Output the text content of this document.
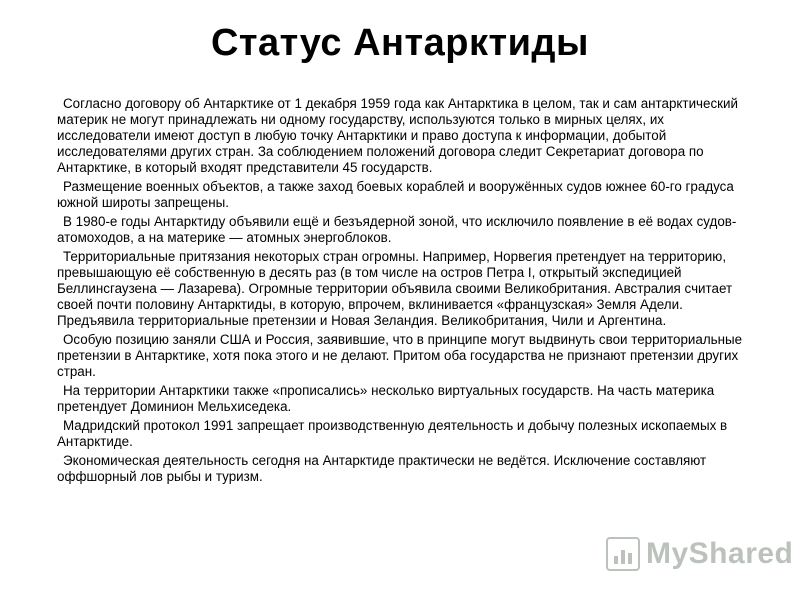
Статус Антарктиды

Согласно договору об Антарктике от 1 декабря 1959 года как Антарктика в целом, так и сам антарктический материк не могут принадлежать ни одному государству, используются только в мирных целях, их исследователи имеют доступ в любую точку Антарктики и право доступа к информации, добытой исследователями других стран. За соблюдением положений договора следит Секретариат договора по Антарктике, в который входят представители 45 государств.

Размещение военных объектов, а также заход боевых кораблей и вооружённых судов южнее 60-го градуса южной широты запрещены.

В 1980-е годы Антарктиду объявили ещё и безъядерной зоной, что исключило появление в её водах судов-атомоходов, а на материке — атомных энергоблоков.

Территориальные притязания некоторых стран огромны. Например, Норвегия претендует на территорию, превышающую её собственную в десять раз (в том числе на остров Петра I, открытый экспедицией Беллинсгаузена — Лазарева). Огромные территории объявила своими Великобритания. Австралия считает своей почти половину Антарктиды, в которую, впрочем, вклинивается «французская» Земля Адели. Предъявила территориальные претензии и Новая Зеландия. Великобритания, Чили и Аргентина.

Особую позицию заняли США и Россия, заявившие, что в принципе могут выдвинуть свои территориальные претензии в Антарктике, хотя пока этого и не делают. Притом оба государства не признают претензии других стран.

На территории Антарктики также «прописались» несколько виртуальных государств. На часть материка претендует Доминион Мельхиседека.

Мадридский протокол 1991 запрещает производственную деятельность и добычу полезных ископаемых в Антарктиде.

Экономическая деятельность сегодня на Антарктиде практически не ведётся. Исключение составляют оффшорный лов рыбы и туризм.

MyShared
